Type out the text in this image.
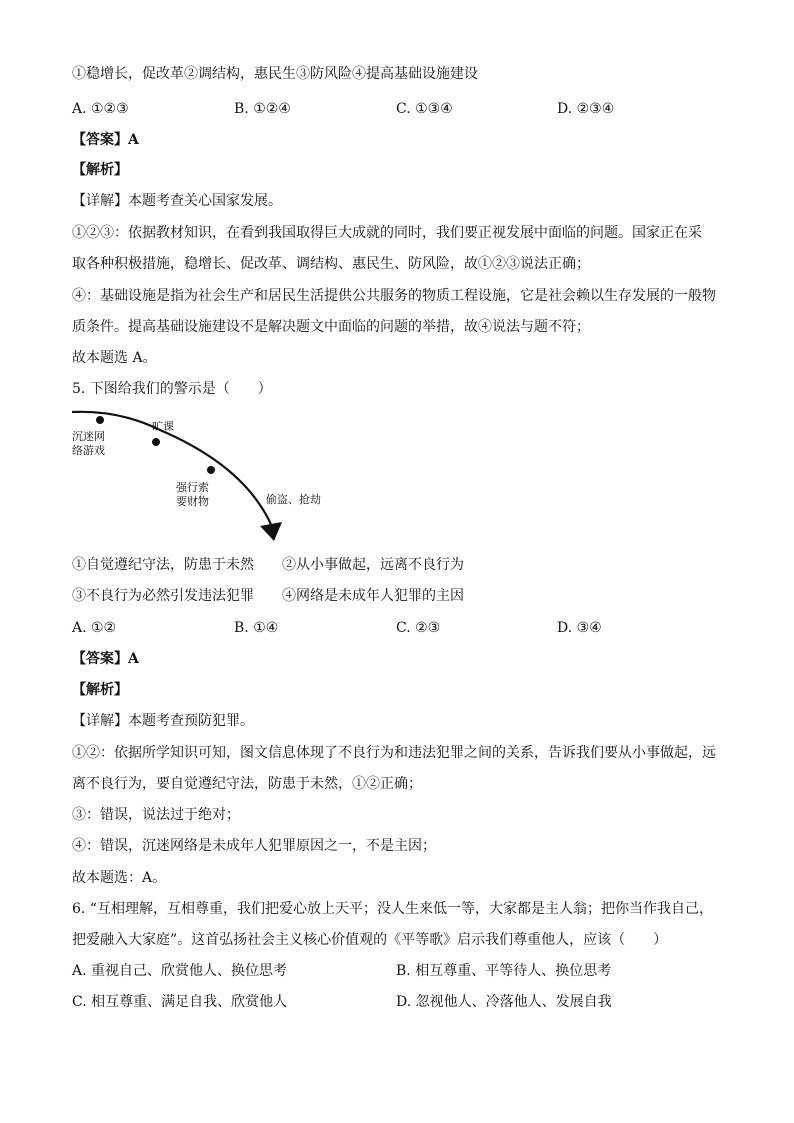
①稳增长，促改革②调结构，惠民生③防风险④提高基础设施建设
A. ①②③	B. ①②④	C. ①③④	D. ②③④
【答案】A
【解析】
【详解】本题考查关心国家发展。
①②③：依据教材知识，在看到我国取得巨大成就的同时，我们要正视发展中面临的问题。国家正在采
取各种积极措施，稳增长、促改革、调结构、惠民生、防风险，故①②③说法正确；
④：基础设施是指为社会生产和居民生活提供公共服务的物质工程设施，它是社会赖以生存发展的一般物
质条件。提高基础设施建设不是解决题文中面临的问题的举措，故④说法与题不符；
故本题选 A。
5. 下图给我们的警示是（　　）
沉迷网
络游戏
旷课
强行索
要财物	偷盗、抢劫
①自觉遵纪守法，防患于未然 ②从小事做起，远离不良行为
③不良行为必然引发违法犯罪 ④网络是未成年人犯罪的主因
A. ①②	B. ①④	C. ②③	D. ③④
【答案】A
【解析】
【详解】本题考查预防犯罪。
①②：依据所学知识可知，图文信息体现了不良行为和违法犯罪之间的关系，告诉我们要从小事做起，远
离不良行为，要自觉遵纪守法，防患于未然，①②正确；
③：错误，说法过于绝对；
④：错误，沉迷网络是未成年人犯罪原因之一，不是主因；
故本题选：A。
6. “互相理解，互相尊重，我们把爱心放上天平；没人生来低一等，大家都是主人翁；把你当作我自己，
把爱融入大家庭”。这首弘扬社会主义核心价值观的《平等歌》启示我们尊重他人，应该（　　）
A. 重视自己、欣赏他人、换位思考	B. 相互尊重、平等待人、换位思考
C. 相互尊重、满足自我、欣赏他人	D. 忽视他人、冷落他人、发展自我
